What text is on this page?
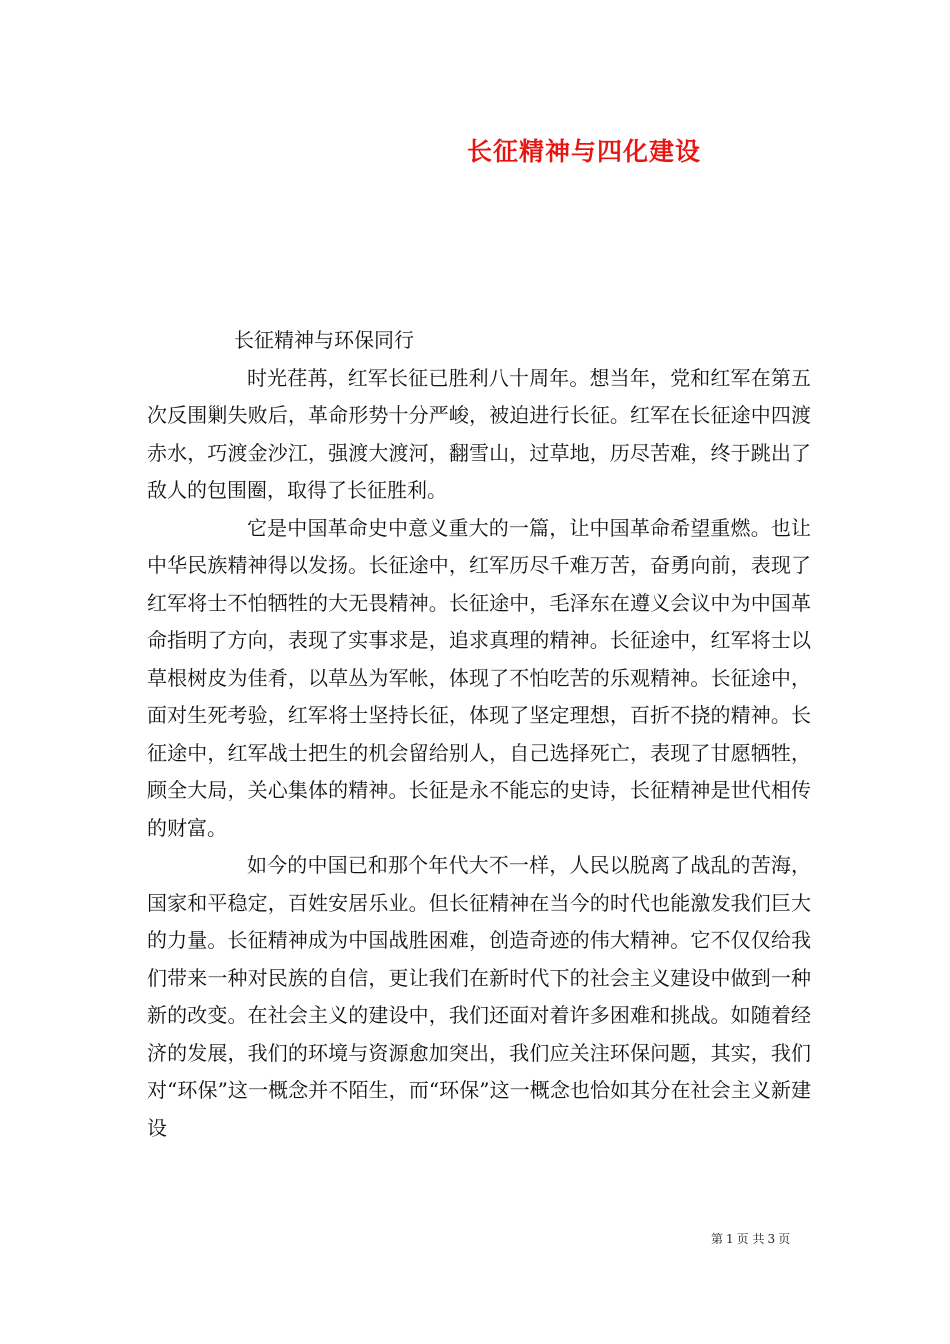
长征精神与四化建设
长征精神与环保同行

时光荏苒，红军长征已胜利八十周年。想当年，党和红军在第五次反围剿失败后，革命形势十分严峻，被迫进行长征。红军在长征途中四渡赤水，巧渡金沙江，强渡大渡河，翻雪山，过草地，历尽苦难，终于跳出了敌人的包围圈，取得了长征胜利。

它是中国革命史中意义重大的一篇，让中国革命希望重燃。也让中华民族精神得以发扬。长征途中，红军历尽千难万苦，奋勇向前，表现了红军将士不怕牺牲的大无畏精神。长征途中，毛泽东在遵义会议中为中国革命指明了方向，表现了实事求是，追求真理的精神。长征途中，红军将士以草根树皮为佳肴，以草丛为军帐，体现了不怕吃苦的乐观精神。长征途中，面对生死考验，红军将士坚持长征，体现了坚定理想，百折不挠的精神。长征途中，红军战士把生的机会留给别人，自己选择死亡，表现了甘愿牺牲，顾全大局，关心集体的精神。长征是永不能忘的史诗，长征精神是世代相传的财富。

如今的中国已和那个年代大不一样，人民以脱离了战乱的苦海，国家和平稳定，百姓安居乐业。但长征精神在当今的时代也能激发我们巨大的力量。长征精神成为中国战胜困难，创造奇迹的伟大精神。它不仅仅给我们带来一种对民族的自信，更让我们在新时代下的社会主义建设中做到一种新的改变。在社会主义的建设中，我们还面对着许多困难和挑战。如随着经济的发展，我们的环境与资源愈加突出，我们应关注环保问题，其实，我们对“环保”这一概念并不陌生，而“环保”这一概念也恰如其分在社会主义新建设

第 1 页 共 3 页
